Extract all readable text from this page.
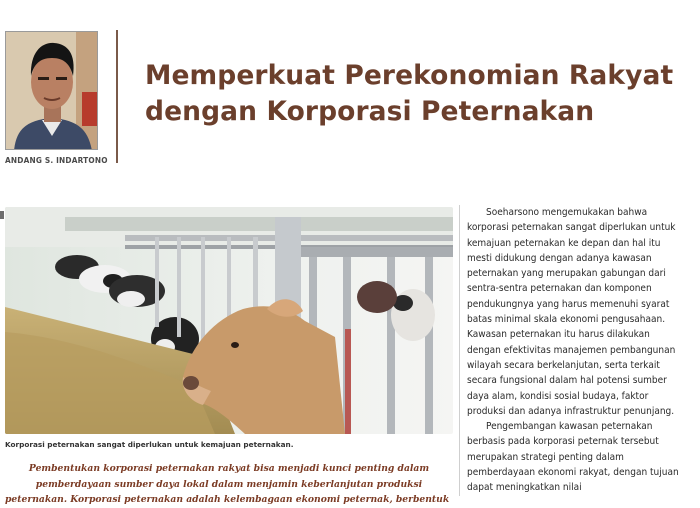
ANDANG S. INDARTONO
Memperkuat Perekonomian Rakyat
dengan Korporasi Peternakan
Korporasi peternakan sangat diperlukan untuk kemajuan peternakan.

Soeharsono mengemukakan bahwa korporasi peternakan sangat diperlukan untuk kemajuan peternakan ke depan dan hal itu mesti didukung dengan adanya kawasan peternakan yang merupakan gabungan dari sentra-sentra peternakan dan komponen pendukungnya yang harus memenuhi syarat batas minimal skala ekonomi pengusahaan. Kawasan peternakan itu harus dilakukan dengan efektivitas manajemen pembangunan wilayah secara berkelanjutan, serta terkait secara fungsional dalam hal potensi sumber daya alam, kondisi sosial budaya, faktor produksi dan adanya infrastruktur penunjang.

Pengembangan kawasan peternakan berbasis pada korporasi peternak tersebut merupakan strategi penting dalam pemberdayaan ekonomi rakyat, dengan tujuan dapat meningkatkan nilai

Pembentukan korporasi peternakan rakyat bisa menjadi kunci penting dalam
pemberdayaan sumber daya lokal dalam menjamin keberlanjutan produksi
peternakan. Korporasi peternakan adalah kelembagaan ekonomi peternak, berbentuk
